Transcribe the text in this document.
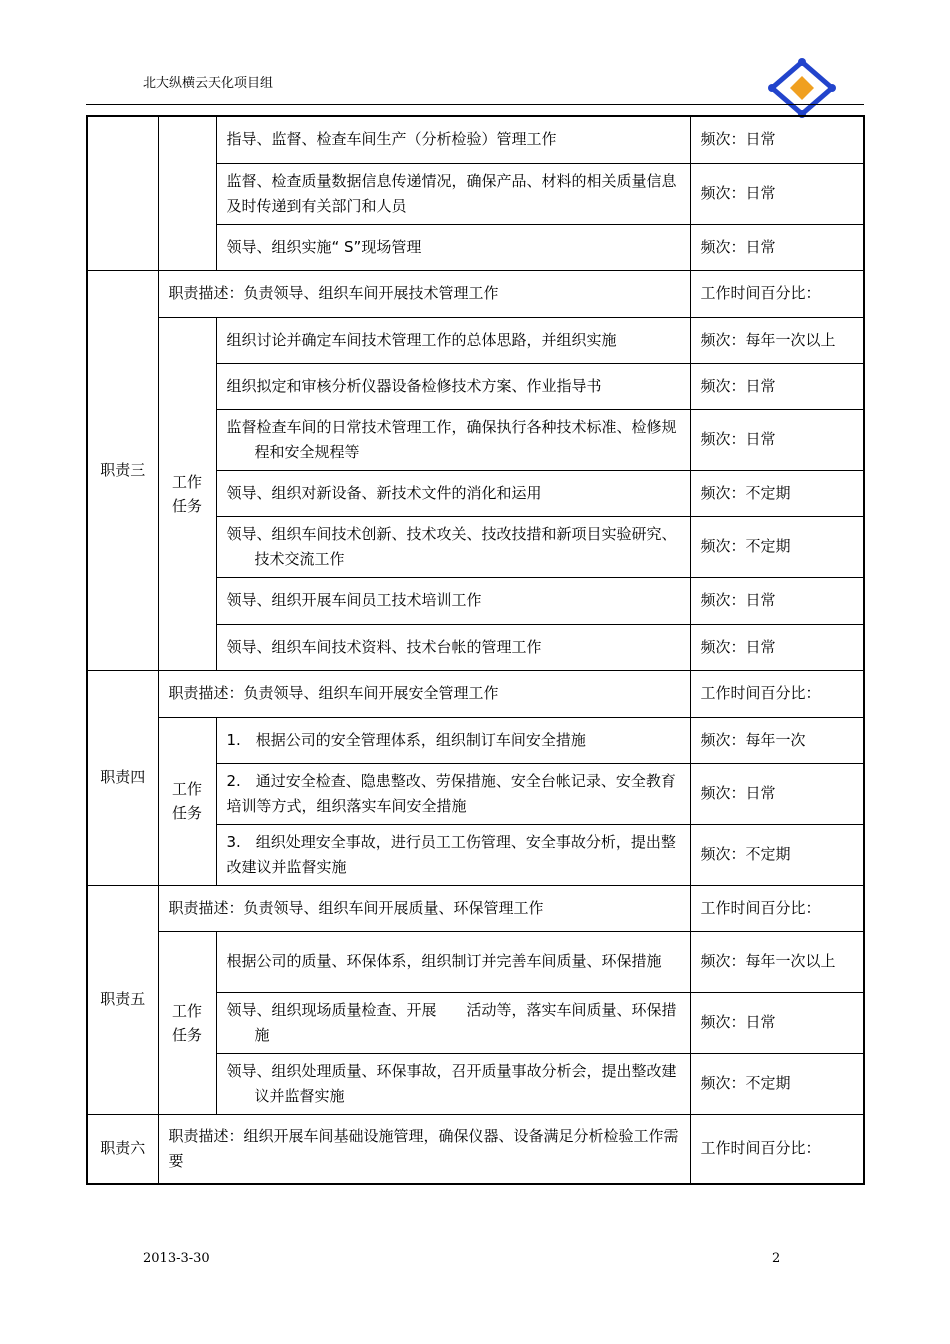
北大纵横云天化项目组
		指导、监督、检查车间生产（分析检验）管理工作	频次：日常
		监督、检查质量数据信息传递情况，确保产品、材料的相关质量信息及时传递到有关部门和人员	频次：日常
		领导、组织实施“ S”现场管理	频次：日常
职责三	职责描述：负责领导、组织车间开展技术管理工作		工作时间百分比：
	工作任务	组织讨论并确定车间技术管理工作的总体思路，并组织实施	频次：每年一次以上
		组织拟定和审核分析仪器设备检修技术方案、作业指导书	频次：日常
		监督检查车间的日常技术管理工作，确保执行各种技术标准、检修规程和安全规程等	频次：日常
		领导、组织对新设备、新技术文件的消化和运用	频次：不定期
		领导、组织车间技术创新、技术攻关、技改技措和新项目实验研究、技术交流工作	频次：不定期
		领导、组织开展车间员工技术培训工作	频次：日常
		领导、组织车间技术资料、技术台帐的管理工作	频次：日常
职责四	职责描述：负责领导、组织车间开展安全管理工作		工作时间百分比：
	工作任务	1.　根据公司的安全管理体系，组织制订车间安全措施	频次：每年一次
		2.　通过安全检查、隐患整改、劳保措施、安全台帐记录、安全教育 培训等方式，组织落实车间安全措施	频次：日常
		3.　组织处理安全事故，进行员工工伤管理、安全事故分析，提出整改建议并监督实施	频次：不定期
职责五	职责描述：负责领导、组织车间开展质量、环保管理工作		工作时间百分比：
	工作任务	根据公司的质量、环保体系，组织制订并完善车间质量、环保措施	频次：每年一次以上
		领导、组织现场质量检查、开展　　活动等，落实车间质量、环保措施	频次：日常
		领导、组织处理质量、环保事故，召开质量事故分析会，提出整改建议并监督实施	频次：不定期
职责六	职责描述：组织开展车间基础设施管理，确保仪器、设备满足分析检验工作需要		工作时间百分比：
2013-3-30	2
